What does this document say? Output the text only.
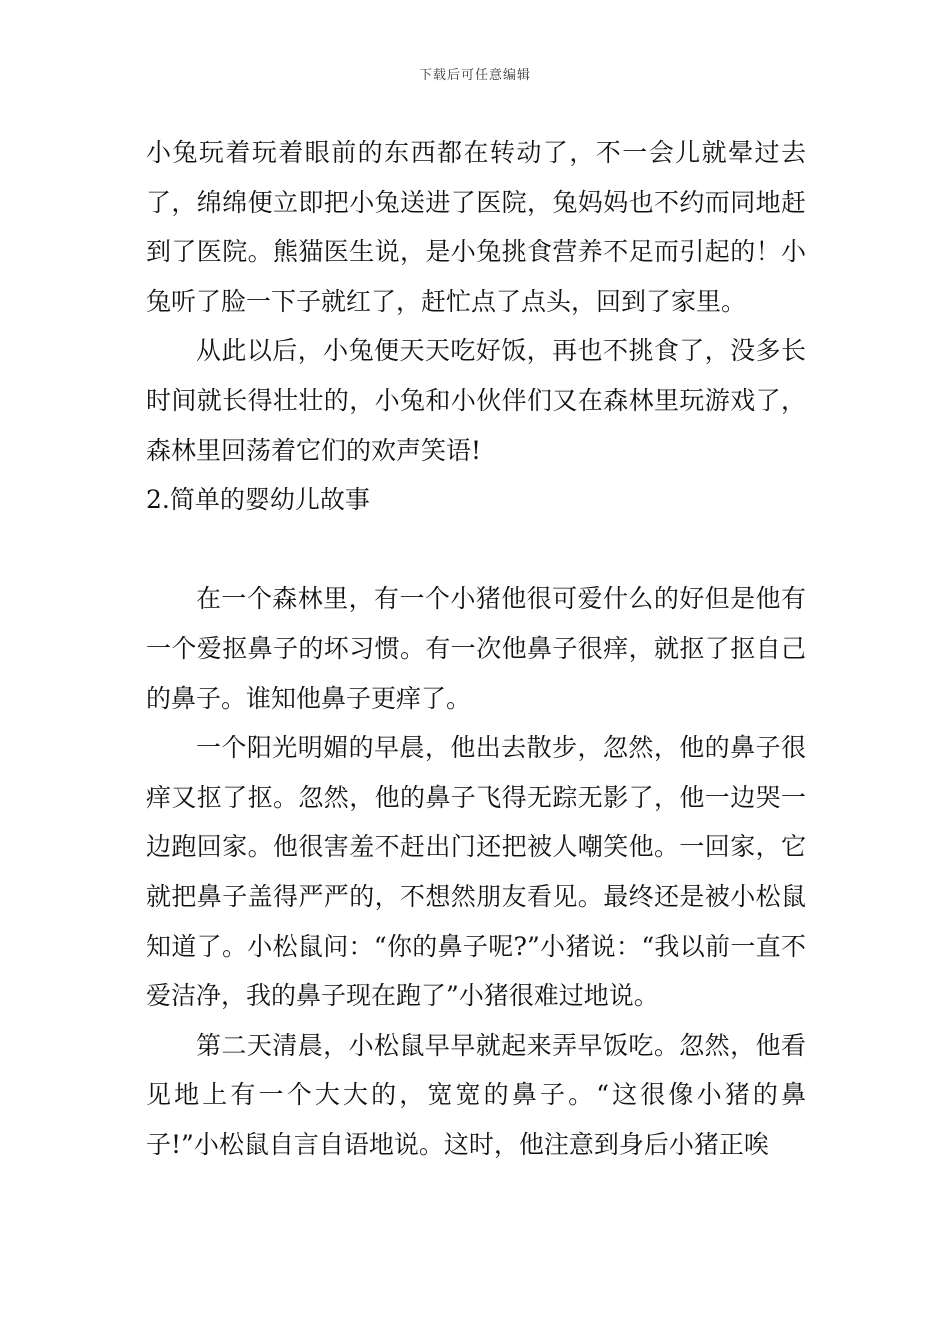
下载后可任意编辑

小兔玩着玩着眼前的东西都在转动了，不一会儿就晕过去了，绵绵便立即把小兔送进了医院，兔妈妈也不约而同地赶到了医院。熊猫医生说，是小兔挑食营养不足而引起的！小兔听了脸一下子就红了，赶忙点了点头，回到了家里。

从此以后，小兔便天天吃好饭，再也不挑食了，没多长时间就长得壮壮的，小兔和小伙伴们又在森林里玩游戏了，森林里回荡着它们的欢声笑语!

2.简单的婴幼儿故事

在一个森林里，有一个小猪他很可爱什么的好但是他有一个爱抠鼻子的坏习惯。有一次他鼻子很痒，就抠了抠自己的鼻子。谁知他鼻子更痒了。

一个阳光明媚的早晨，他出去散步，忽然，他的鼻子很痒又抠了抠。忽然，他的鼻子飞得无踪无影了，他一边哭一边跑回家。他很害羞不赶出门还把被人嘲笑他。一回家，它就把鼻子盖得严严的，不想然朋友看见。最终还是被小松鼠知道了。小松鼠问：“你的鼻子呢?”小猪说：“我以前一直不爱洁净，我的鼻子现在跑了”小猪很难过地说。

第二天清晨，小松鼠早早就起来弄早饭吃。忽然，他看见地上有一个大大的，宽宽的鼻子。“这很像小猪的鼻子!”小松鼠自言自语地说。这时，他注意到身后小猪正唉
